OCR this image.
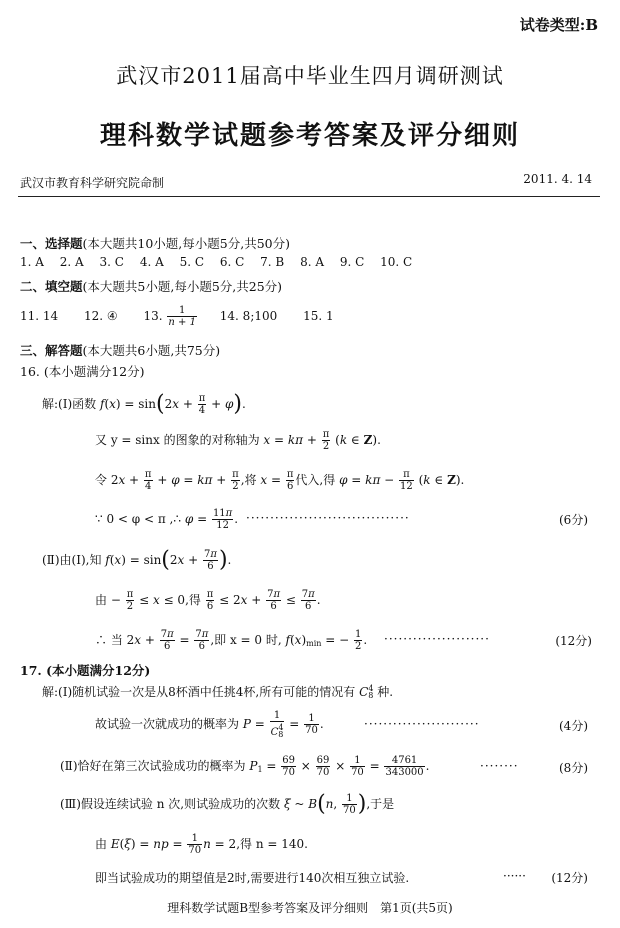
试卷类型:B
武汉市2011届高中毕业生四月调研测试
理科数学试题参考答案及评分细则
武汉市教育科学研究院命制	2011. 4. 14
一、选择题(本大题共10小题,每小题5分,共50分)
1. A 2. A 3. C 4. A 5. C 6. C 7. B 8. A 9. C 10. C
二、填空题(本大题共5小题,每小题5分,共25分)
11. 14 12. ④ 13. $\frac{1}{n + 1} 14$. 8;100 15. 1
三、解答题(本大题共6小题,共75分)
16. (本小题满分12分)
解:(Ⅰ)函数 $f(x) = \sin(2x + \frac{\pi}{4} + \varphi)$.
又 y = sinx 的图象的对称轴为 $x = k\pi + \frac{\pi}{2} (k$ ∈ Z).
令 $2x + \frac{\pi}{4} + \varphi = k\pi + \frac{\pi}{2}$ ,将 $x = \frac{\pi}{6}$ 代入,得 $\varphi = k\pi - \frac{\pi}{12} (k$ ∈ Z).
∵ 0 < φ < π ,∴ $\varphi = \frac{11\pi}{12}$ . ··································	(6分)
(Ⅱ)由(Ⅰ),知 $f(x) = \sin(2x + \frac{7\pi}{6}$ ).
由 − $\frac{\pi}{2} \le x \le 0$,得 $\frac{\pi}{6} \le 2x + \frac{7\pi}{6} \le \frac{7\pi}{6}$ .
∴ 当 $2x + \frac{7\pi}{6} = \frac{7\pi}{6}$ ,即 x = 0 时, $f(x)_{min}$ = − $\frac{1}{2}$ . ······················	(12分)
17. (本小题满分12分)
解:(Ⅰ)随机试验一次是从8杯酒中任挑4杯,所有可能的情况有 $C_8^4$ 种.
故试验一次就成功的概率为 $P = \frac{1}{C_8^4} = \frac{1}{70}$ .	························	(4分)
(Ⅱ)恰好在第三次试验成功的概率为 $P_1 = \frac{69}{70} \times \frac{69}{70} \times \frac{1}{70} = \frac{4761}{343000}$ .	········	(8分)
(Ⅲ)假设连续试验 n 次,则试验成功的次数 ξ ~ B(n, $\frac{1}{70}$ ),于是
由 E(ξ) = np = $\frac{1}{70}$ n = 2,得 n = 140.
即当试验成功的期望值是2时,需要进行140次相互独立试验.	······ (12分)
理科数学试题B型参考答案及评分细则　第1页(共5页)
